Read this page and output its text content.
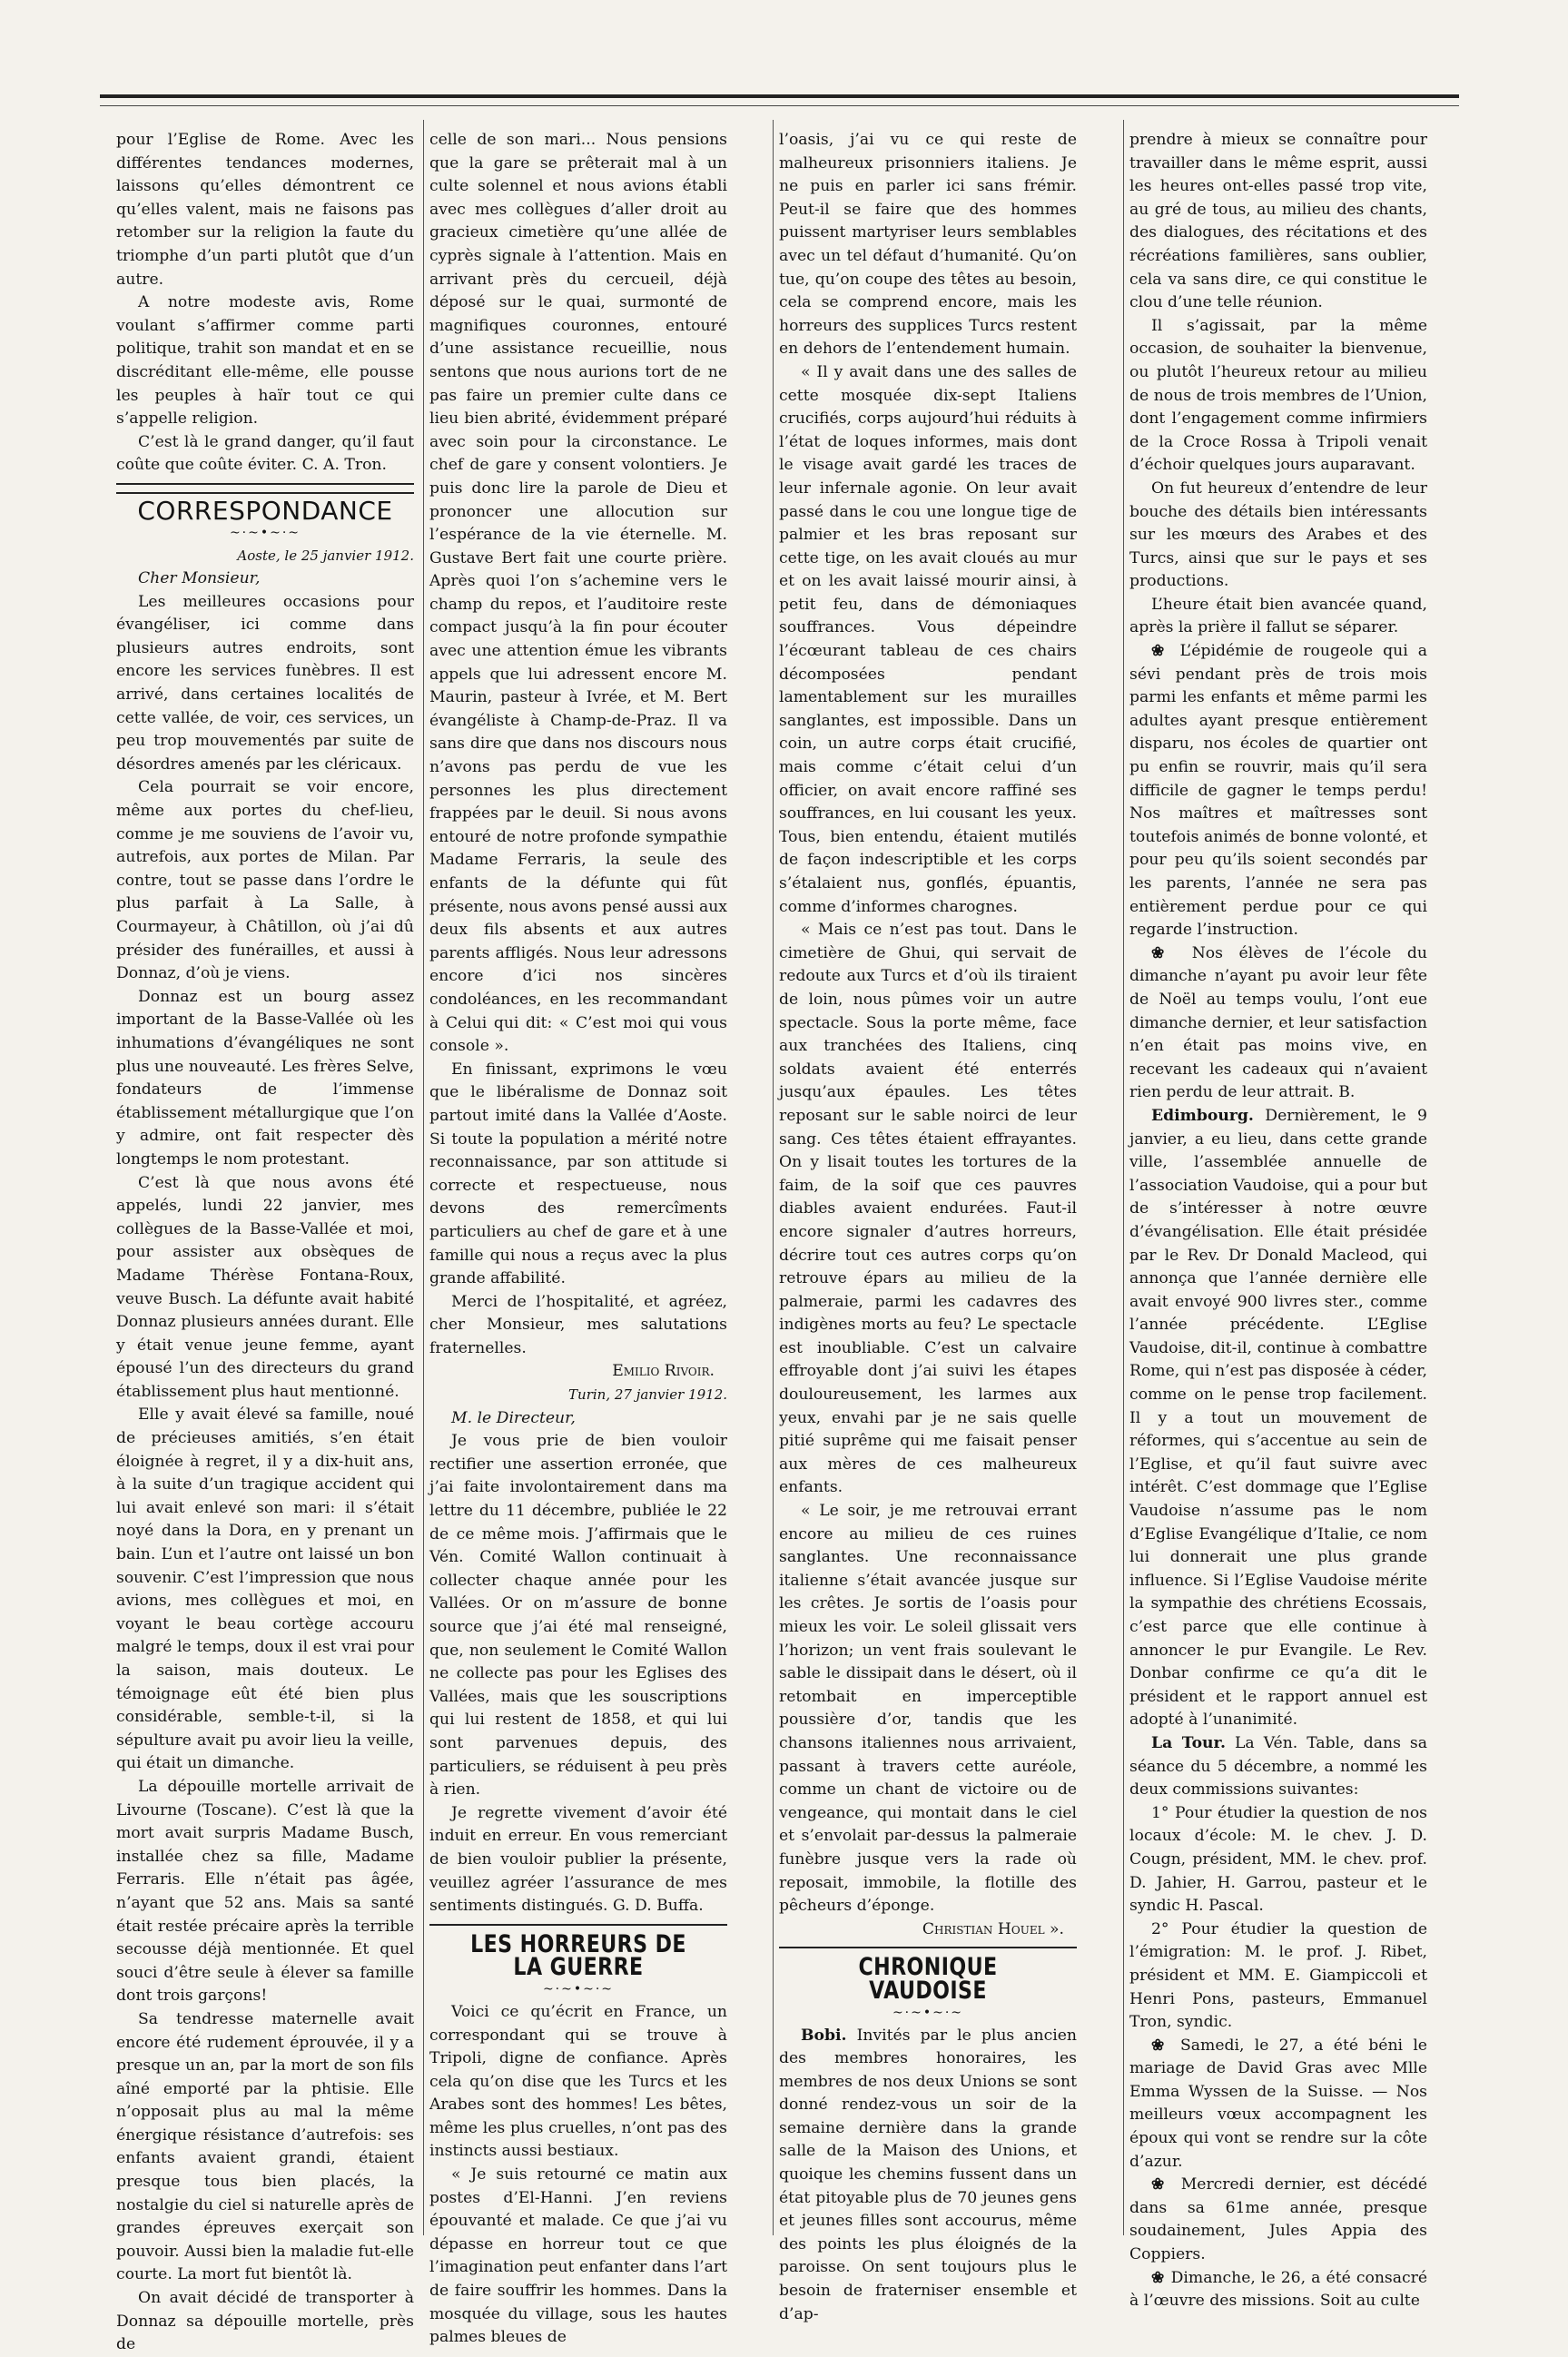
pour l’Eglise de Rome. Avec les différentes tendances modernes, laissons qu’elles démontrent ce qu’elles valent, mais ne faisons pas retomber sur la religion la faute du triomphe d’un parti plutôt que d’un autre.

A notre modeste avis, Rome voulant s’affirmer comme parti politique, trahit son mandat et en se discréditant elle-même, elle pousse les peuples à haïr tout ce qui s’appelle religion.

C’est là le grand danger, qu’il faut coûte que coûte éviter. C. A. Tron.

CORRESPONDANCE
~·~•~·~

Aoste, le 25 janvier 1912.

Cher Monsieur,

Les meilleures occasions pour évangéliser, ici comme dans plusieurs autres endroits, sont encore les services funèbres. Il est arrivé, dans certaines localités de cette vallée, de voir, ces services, un peu trop mouvementés par suite de désordres amenés par les cléricaux.

Cela pourrait se voir encore, même aux portes du chef-lieu, comme je me souviens de l’avoir vu, autrefois, aux portes de Milan. Par contre, tout se passe dans l’ordre le plus parfait à La Salle, à Courmayeur, à Châtillon, où j’ai dû présider des funérailles, et aussi à Donnaz, d’où je viens.

Donnaz est un bourg assez important de la Basse-Vallée où les inhumations d’évangéliques ne sont plus une nouveauté. Les frères Selve, fondateurs de l’immense établissement métallurgique que l’on y admire, ont fait respecter dès longtemps le nom protestant.

C’est là que nous avons été appelés, lundi 22 janvier, mes collègues de la Basse-Vallée et moi, pour assister aux obsèques de Madame Thérèse Fontana-Roux, veuve Busch. La défunte avait habité Donnaz plusieurs années durant. Elle y était venue jeune femme, ayant épousé l’un des directeurs du grand établissement plus haut mentionné.

Elle y avait élevé sa famille, noué de précieuses amitiés, s’en était éloignée à regret, il y a dix-huit ans, à la suite d’un tragique accident qui lui avait enlevé son mari: il s’était noyé dans la Dora, en y prenant un bain. L’un et l’autre ont laissé un bon souvenir. C’est l’impression que nous avions, mes collègues et moi, en voyant le beau cortège accouru malgré le temps, doux il est vrai pour la saison, mais douteux. Le témoignage eût été bien plus considérable, semble-t-il, si la sépulture avait pu avoir lieu la veille, qui était un dimanche.

La dépouille mortelle arrivait de Livourne (Toscane). C’est là que la mort avait surpris Madame Busch, installée chez sa fille, Madame Ferraris. Elle n’était pas âgée, n’ayant que 52 ans. Mais sa santé était restée précaire après la terrible secousse déjà mentionnée. Et quel souci d’être seule à élever sa famille dont trois garçons!

Sa tendresse maternelle avait encore été rudement éprouvée, il y a presque un an, par la mort de son fils aîné emporté par la phtisie. Elle n’opposait plus au mal la même énergique résistance d’autrefois: ses enfants avaient grandi, étaient presque tous bien placés, la nostalgie du ciel si naturelle après de grandes épreuves exerçait son pouvoir. Aussi bien la maladie fut-elle courte. La mort fut bientôt là.

On avait décidé de transporter à Donnaz sa dépouille mortelle, près de

celle de son mari... Nous pensions que la gare se prêterait mal à un culte solennel et nous avions établi avec mes collègues d’aller droit au gracieux cimetière qu’une allée de cyprès signale à l’attention. Mais en arrivant près du cercueil, déjà déposé sur le quai, surmonté de magnifiques couronnes, entouré d’une assistance recueillie, nous sentons que nous aurions tort de ne pas faire un premier culte dans ce lieu bien abrité, évidemment préparé avec soin pour la circonstance. Le chef de gare y consent volontiers. Je puis donc lire la parole de Dieu et prononcer une allocution sur l’espérance de la vie éternelle. M. Gustave Bert fait une courte prière. Après quoi l’on s’achemine vers le champ du repos, et l’auditoire reste compact jusqu’à la fin pour écouter avec une attention émue les vibrants appels que lui adressent encore M. Maurin, pasteur à Ivrée, et M. Bert évangéliste à Champ-de-Praz. Il va sans dire que dans nos discours nous n’avons pas perdu de vue les personnes les plus directement frappées par le deuil. Si nous avons entouré de notre profonde sympathie Madame Ferraris, la seule des enfants de la défunte qui fût présente, nous avons pensé aussi aux deux fils absents et aux autres parents affligés. Nous leur adressons encore d’ici nos sincères condoléances, en les recommandant à Celui qui dit: « C’est moi qui vous console ».

En finissant, exprimons le vœu que le libéralisme de Donnaz soit partout imité dans la Vallée d’Aoste. Si toute la population a mérité notre reconnaissance, par son attitude si correcte et respectueuse, nous devons des remercîments particuliers au chef de gare et à une famille qui nous a reçus avec la plus grande affabilité.

Merci de l’hospitalité, et agréez, cher Monsieur, mes salutations fraternelles.

Emilio Rivoir.

Turin, 27 janvier 1912.

M. le Directeur,

Je vous prie de bien vouloir rectifier une assertion erronée, que j’ai faite involontairement dans ma lettre du 11 décembre, publiée le 22 de ce même mois. J’affirmais que le Vén. Comité Wallon continuait à collecter chaque année pour les Vallées. Or on m’assure de bonne source que j’ai été mal renseigné, que, non seulement le Comité Wallon ne collecte pas pour les Eglises des Vallées, mais que les souscriptions qui lui restent de 1858, et qui lui sont parvenues depuis, des particuliers, se réduisent à peu près à rien.

Je regrette vivement d’avoir été induit en erreur. En vous remerciant de bien vouloir publier la présente, veuillez agréer l’assurance de mes sentiments distingués. G. D. Buffa.

LES HORREURS DE LA GUERRE
~·~•~·~

Voici ce qu’écrit en France, un correspondant qui se trouve à Tripoli, digne de confiance. Après cela qu’on dise que les Turcs et les Arabes sont des hommes! Les bêtes, même les plus cruelles, n’ont pas des instincts aussi bestiaux.

« Je suis retourné ce matin aux postes d’El-Hanni. J’en reviens épouvanté et malade. Ce que j’ai vu dépasse en horreur tout ce que l’imagination peut enfanter dans l’art de faire souffrir les hommes. Dans la mosquée du village, sous les hautes palmes bleues de

l’oasis, j’ai vu ce qui reste de malheureux prisonniers italiens. Je ne puis en parler ici sans frémir. Peut-il se faire que des hommes puissent martyriser leurs semblables avec un tel défaut d’humanité. Qu’on tue, qu’on coupe des têtes au besoin, cela se comprend encore, mais les horreurs des supplices Turcs restent en dehors de l’entendement humain.

« Il y avait dans une des salles de cette mosquée dix-sept Italiens crucifiés, corps aujourd’hui réduits à l’état de loques informes, mais dont le visage avait gardé les traces de leur infernale agonie. On leur avait passé dans le cou une longue tige de palmier et les bras reposant sur cette tige, on les avait cloués au mur et on les avait laissé mourir ainsi, à petit feu, dans de démoniaques souffrances. Vous dépeindre l’écœurant tableau de ces chairs décomposées pendant lamentablement sur les murailles sanglantes, est impossible. Dans un coin, un autre corps était crucifié, mais comme c’était celui d’un officier, on avait encore raffiné ses souffrances, en lui cousant les yeux. Tous, bien entendu, étaient mutilés de façon indescriptible et les corps s’étalaient nus, gonflés, épuantis, comme d’informes charognes.

« Mais ce n’est pas tout. Dans le cimetière de Ghui, qui servait de redoute aux Turcs et d’où ils tiraient de loin, nous pûmes voir un autre spectacle. Sous la porte même, face aux tranchées des Italiens, cinq soldats avaient été enterrés jusqu’aux épaules. Les têtes reposant sur le sable noirci de leur sang. Ces têtes étaient effrayantes. On y lisait toutes les tortures de la faim, de la soif que ces pauvres diables avaient endurées. Faut-il encore signaler d’autres horreurs, décrire tout ces autres corps qu’on retrouve épars au milieu de la palmeraie, parmi les cadavres des indigènes morts au feu? Le spectacle est inoubliable. C’est un calvaire effroyable dont j’ai suivi les étapes douloureusement, les larmes aux yeux, envahi par je ne sais quelle pitié suprême qui me faisait penser aux mères de ces malheureux enfants.

« Le soir, je me retrouvai errant encore au milieu de ces ruines sanglantes. Une reconnaissance italienne s’était avancée jusque sur les crêtes. Je sortis de l’oasis pour mieux les voir. Le soleil glissait vers l’horizon; un vent frais soulevant le sable le dissipait dans le désert, où il retombait en imperceptible poussière d’or, tandis que les chansons italiennes nous arrivaient, passant à travers cette auréole, comme un chant de victoire ou de vengeance, qui montait dans le ciel et s’envolait par-dessus la palmeraie funèbre jusque vers la rade où reposait, immobile, la flotille des pêcheurs d’éponge.

Christian Houel ».

CHRONIQUE VAUDOISE
~·~•~·~

Bobi. Invités par le plus ancien des membres honoraires, les membres de nos deux Unions se sont donné rendez-vous un soir de la semaine dernière dans la grande salle de la Maison des Unions, et quoique les chemins fussent dans un état pitoyable plus de 70 jeunes gens et jeunes filles sont accourus, même des points les plus éloignés de la paroisse. On sent toujours plus le besoin de fraterniser ensemble et d’ap-

prendre à mieux se connaître pour travailler dans le même esprit, aussi les heures ont-elles passé trop vite, au gré de tous, au milieu des chants, des dialogues, des récitations et des récréations familières, sans oublier, cela va sans dire, ce qui constitue le clou d’une telle réunion.

Il s’agissait, par la même occasion, de souhaiter la bienvenue, ou plutôt l’heureux retour au milieu de nous de trois membres de l’Union, dont l’engagement comme infirmiers de la Croce Rossa à Tripoli venait d’échoir quelques jours auparavant.

On fut heureux d’entendre de leur bouche des détails bien intéressants sur les mœurs des Arabes et des Turcs, ainsi que sur le pays et ses productions.

L’heure était bien avancée quand, après la prière il fallut se séparer.

❀ L’épidémie de rougeole qui a sévi pendant près de trois mois parmi les enfants et même parmi les adultes ayant presque entièrement disparu, nos écoles de quartier ont pu enfin se rouvrir, mais qu’il sera difficile de gagner le temps perdu! Nos maîtres et maîtresses sont toutefois animés de bonne volonté, et pour peu qu’ils soient secondés par les parents, l’année ne sera pas entièrement perdue pour ce qui regarde l’instruction.

❀ Nos élèves de l’école du dimanche n’ayant pu avoir leur fête de Noël au temps voulu, l’ont eue dimanche dernier, et leur satisfaction n’en était pas moins vive, en recevant les cadeaux qui n’avaient rien perdu de leur attrait. B.

Edimbourg. Dernièrement, le 9 janvier, a eu lieu, dans cette grande ville, l’assemblée annuelle de l’association Vaudoise, qui a pour but de s’intéresser à notre œuvre d’évangélisation. Elle était présidée par le Rev. Dr Donald Macleod, qui annonça que l’année dernière elle avait envoyé 900 livres ster., comme l’année précédente. L’Eglise Vaudoise, dit-il, continue à combattre Rome, qui n’est pas disposée à céder, comme on le pense trop facilement. Il y a tout un mouvement de réformes, qui s’accentue au sein de l’Eglise, et qu’il faut suivre avec intérêt. C’est dommage que l’Eglise Vaudoise n’assume pas le nom d’Eglise Evangélique d’Italie, ce nom lui donnerait une plus grande influence. Si l’Eglise Vaudoise mérite la sympathie des chrétiens Ecossais, c’est parce que elle continue à annoncer le pur Evangile. Le Rev. Donbar confirme ce qu’a dit le président et le rapport annuel est adopté à l’unanimité.

La Tour. La Vén. Table, dans sa séance du 5 décembre, a nommé les deux commissions suivantes:

1° Pour étudier la question de nos locaux d’école: M. le chev. J. D. Cougn, président, MM. le chev. prof. D. Jahier, H. Garrou, pasteur et le syndic H. Pascal.

2° Pour étudier la question de l’émigration: M. le prof. J. Ribet, président et MM. E. Giampiccoli et Henri Pons, pasteurs, Emmanuel Tron, syndic.

❀ Samedi, le 27, a été béni le mariage de David Gras avec Mlle Emma Wyssen de la Suisse. — Nos meilleurs vœux accompagnent les époux qui vont se rendre sur la côte d’azur.

❀ Mercredi dernier, est décédé dans sa 61me année, presque soudainement, Jules Appia des Coppiers.

❀ Dimanche, le 26, a été consacré à l’œuvre des missions. Soit au culte
